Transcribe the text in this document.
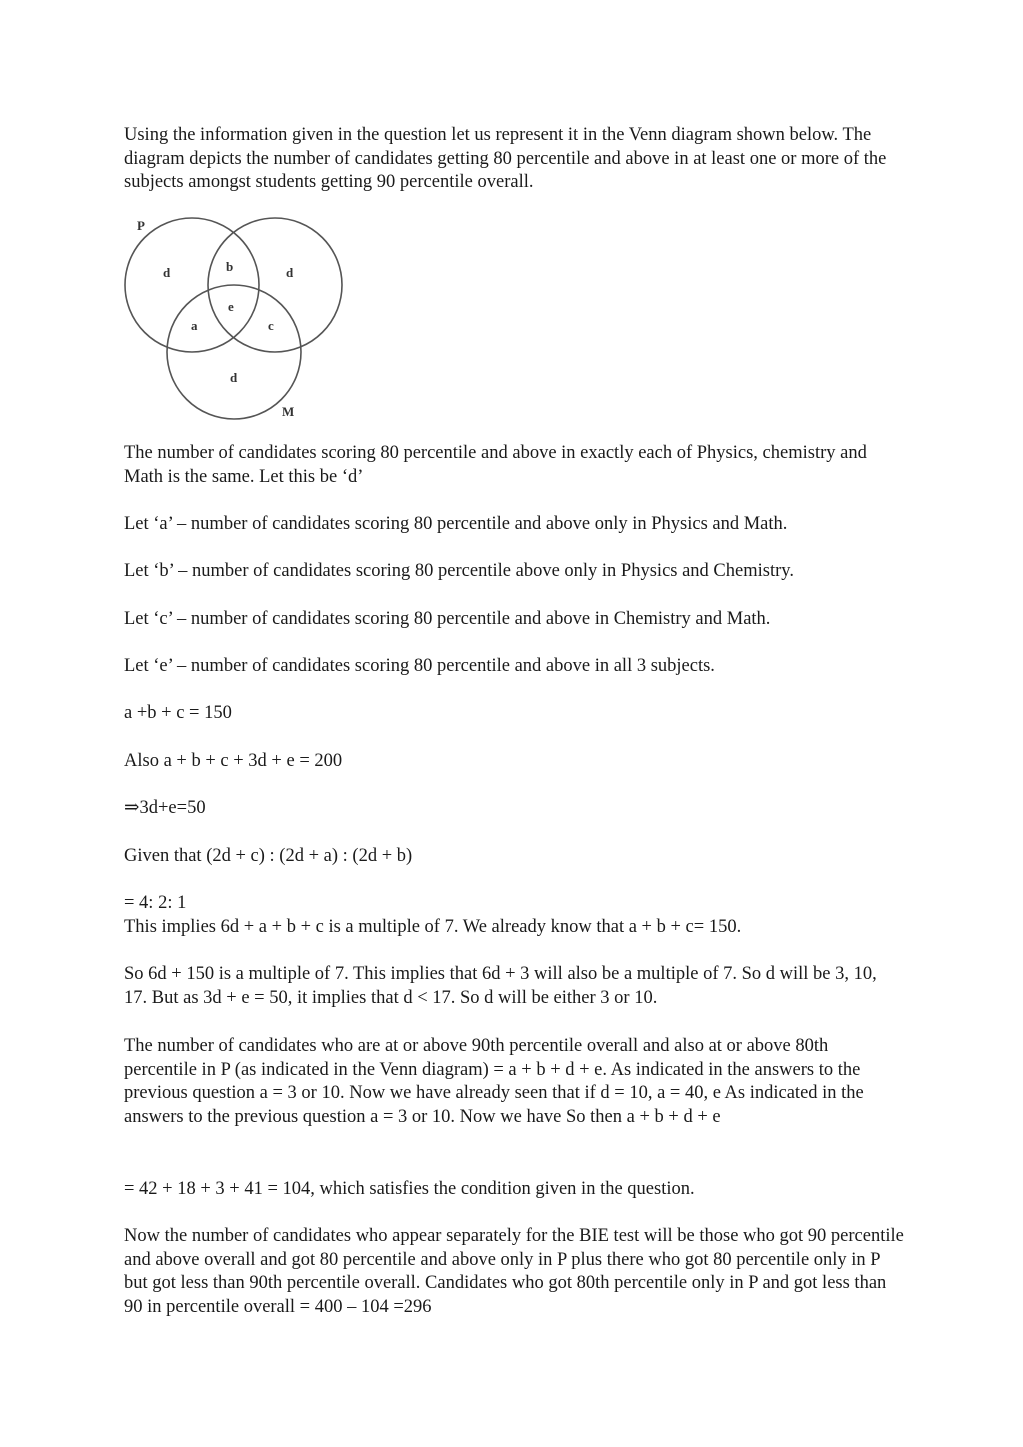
Using the information given in the question let us represent it in the Venn diagram shown below. The diagram depicts the number of candidates getting 80 percentile and above in at least one or more of the subjects amongst students getting 90 percentile overall.

P
M
d	b	d
e
a	c
d

The number of candidates scoring 80 percentile and above in exactly each of Physics, chemistry and Math is the same. Let this be ‘d’

Let ‘a’ – number of candidates scoring 80 percentile and above only in Physics and Math.

Let ‘b’ – number of candidates scoring 80 percentile above only in Physics and Chemistry.

Let ‘c’ – number of candidates scoring 80 percentile and above in Chemistry and Math.

Let ‘e’ – number of candidates scoring 80 percentile and above in all 3 subjects.

a +b + c = 150

Also a + b + c + 3d + e = 200

⇒3d+e=50

Given that (2d + c) : (2d + a) : (2d + b)

= 4: 2: 1

This implies 6d + a + b + c is a multiple of 7. We already know that a + b + c= 150.

So 6d + 150 is a multiple of 7. This implies that 6d + 3 will also be a multiple of 7. So d will be 3, 10, 17. But as 3d + e = 50, it implies that d < 17. So d will be either 3 or 10.

The number of candidates who are at or above 90th percentile overall and also at or above 80th percentile in P (as indicated in the Venn diagram) = a + b + d + e. As indicated in the answers to the previous question a = 3 or 10. Now we have already seen that if d = 10, a = 40, e As indicated in the answers to the previous question a = 3 or 10. Now we have So then a + b + d + e

= 42 + 18 + 3 + 41 = 104, which satisfies the condition given in the question.

Now the number of candidates who appear separately for the BIE test will be those who got 90 percentile and above overall and got 80 percentile and above only in P plus there who got 80 percentile only in P but got less than 90th percentile overall. Candidates who got 80th percentile only in P and got less than 90 in percentile overall = 400 – 104 =296
